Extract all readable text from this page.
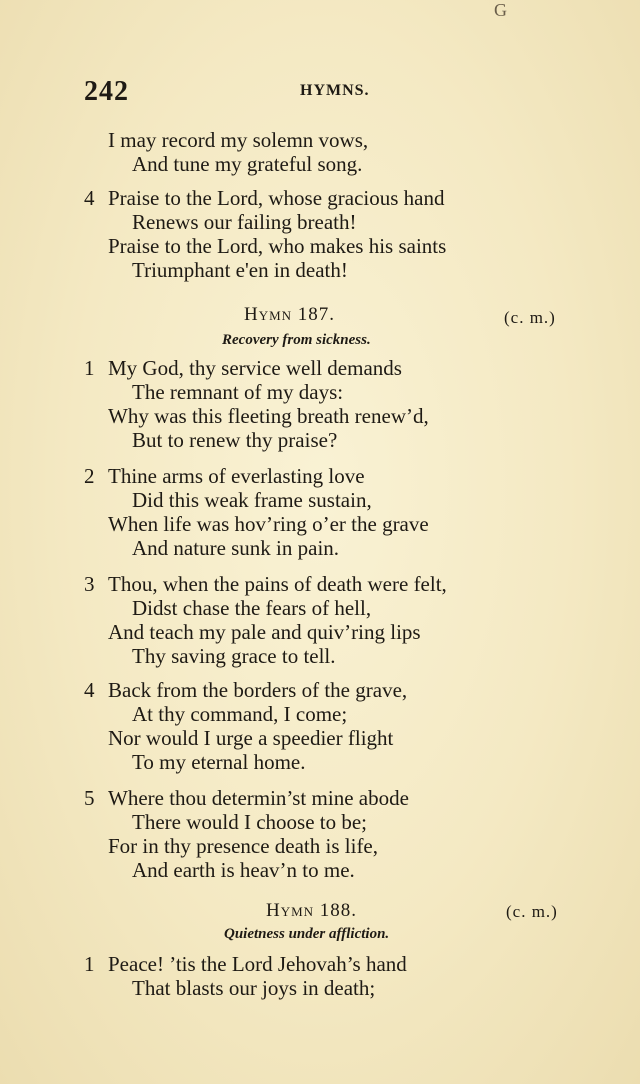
G
242	HYMNS.
I may record my solemn vows,
And tune my grateful song.
4 Praise to the Lord, whose gracious hand
Renews our failing breath!
Praise to the Lord, who makes his saints
Triumphant e'en in death!
Hymn 187.	(c. m.)
Recovery from sickness.
1 My God, thy service well demands
The remnant of my days:
Why was this fleeting breath renew’d,
But to renew thy praise?
2 Thine arms of everlasting love
Did this weak frame sustain,
When life was hov’ring o’er the grave
And nature sunk in pain.
3 Thou, when the pains of death were felt,
Didst chase the fears of hell,
And teach my pale and quiv’ring lips
Thy saving grace to tell.
4 Back from the borders of the grave,
At thy command, I come;
Nor would I urge a speedier flight
To my eternal home.
5 Where thou determin’st mine abode
There would I choose to be;
For in thy presence death is life,
And earth is heav’n to me.
Hymn 188.	(c. m.)
Quietness under affliction.
1 Peace! ’tis the Lord Jehovah’s hand
That blasts our joys in death;
